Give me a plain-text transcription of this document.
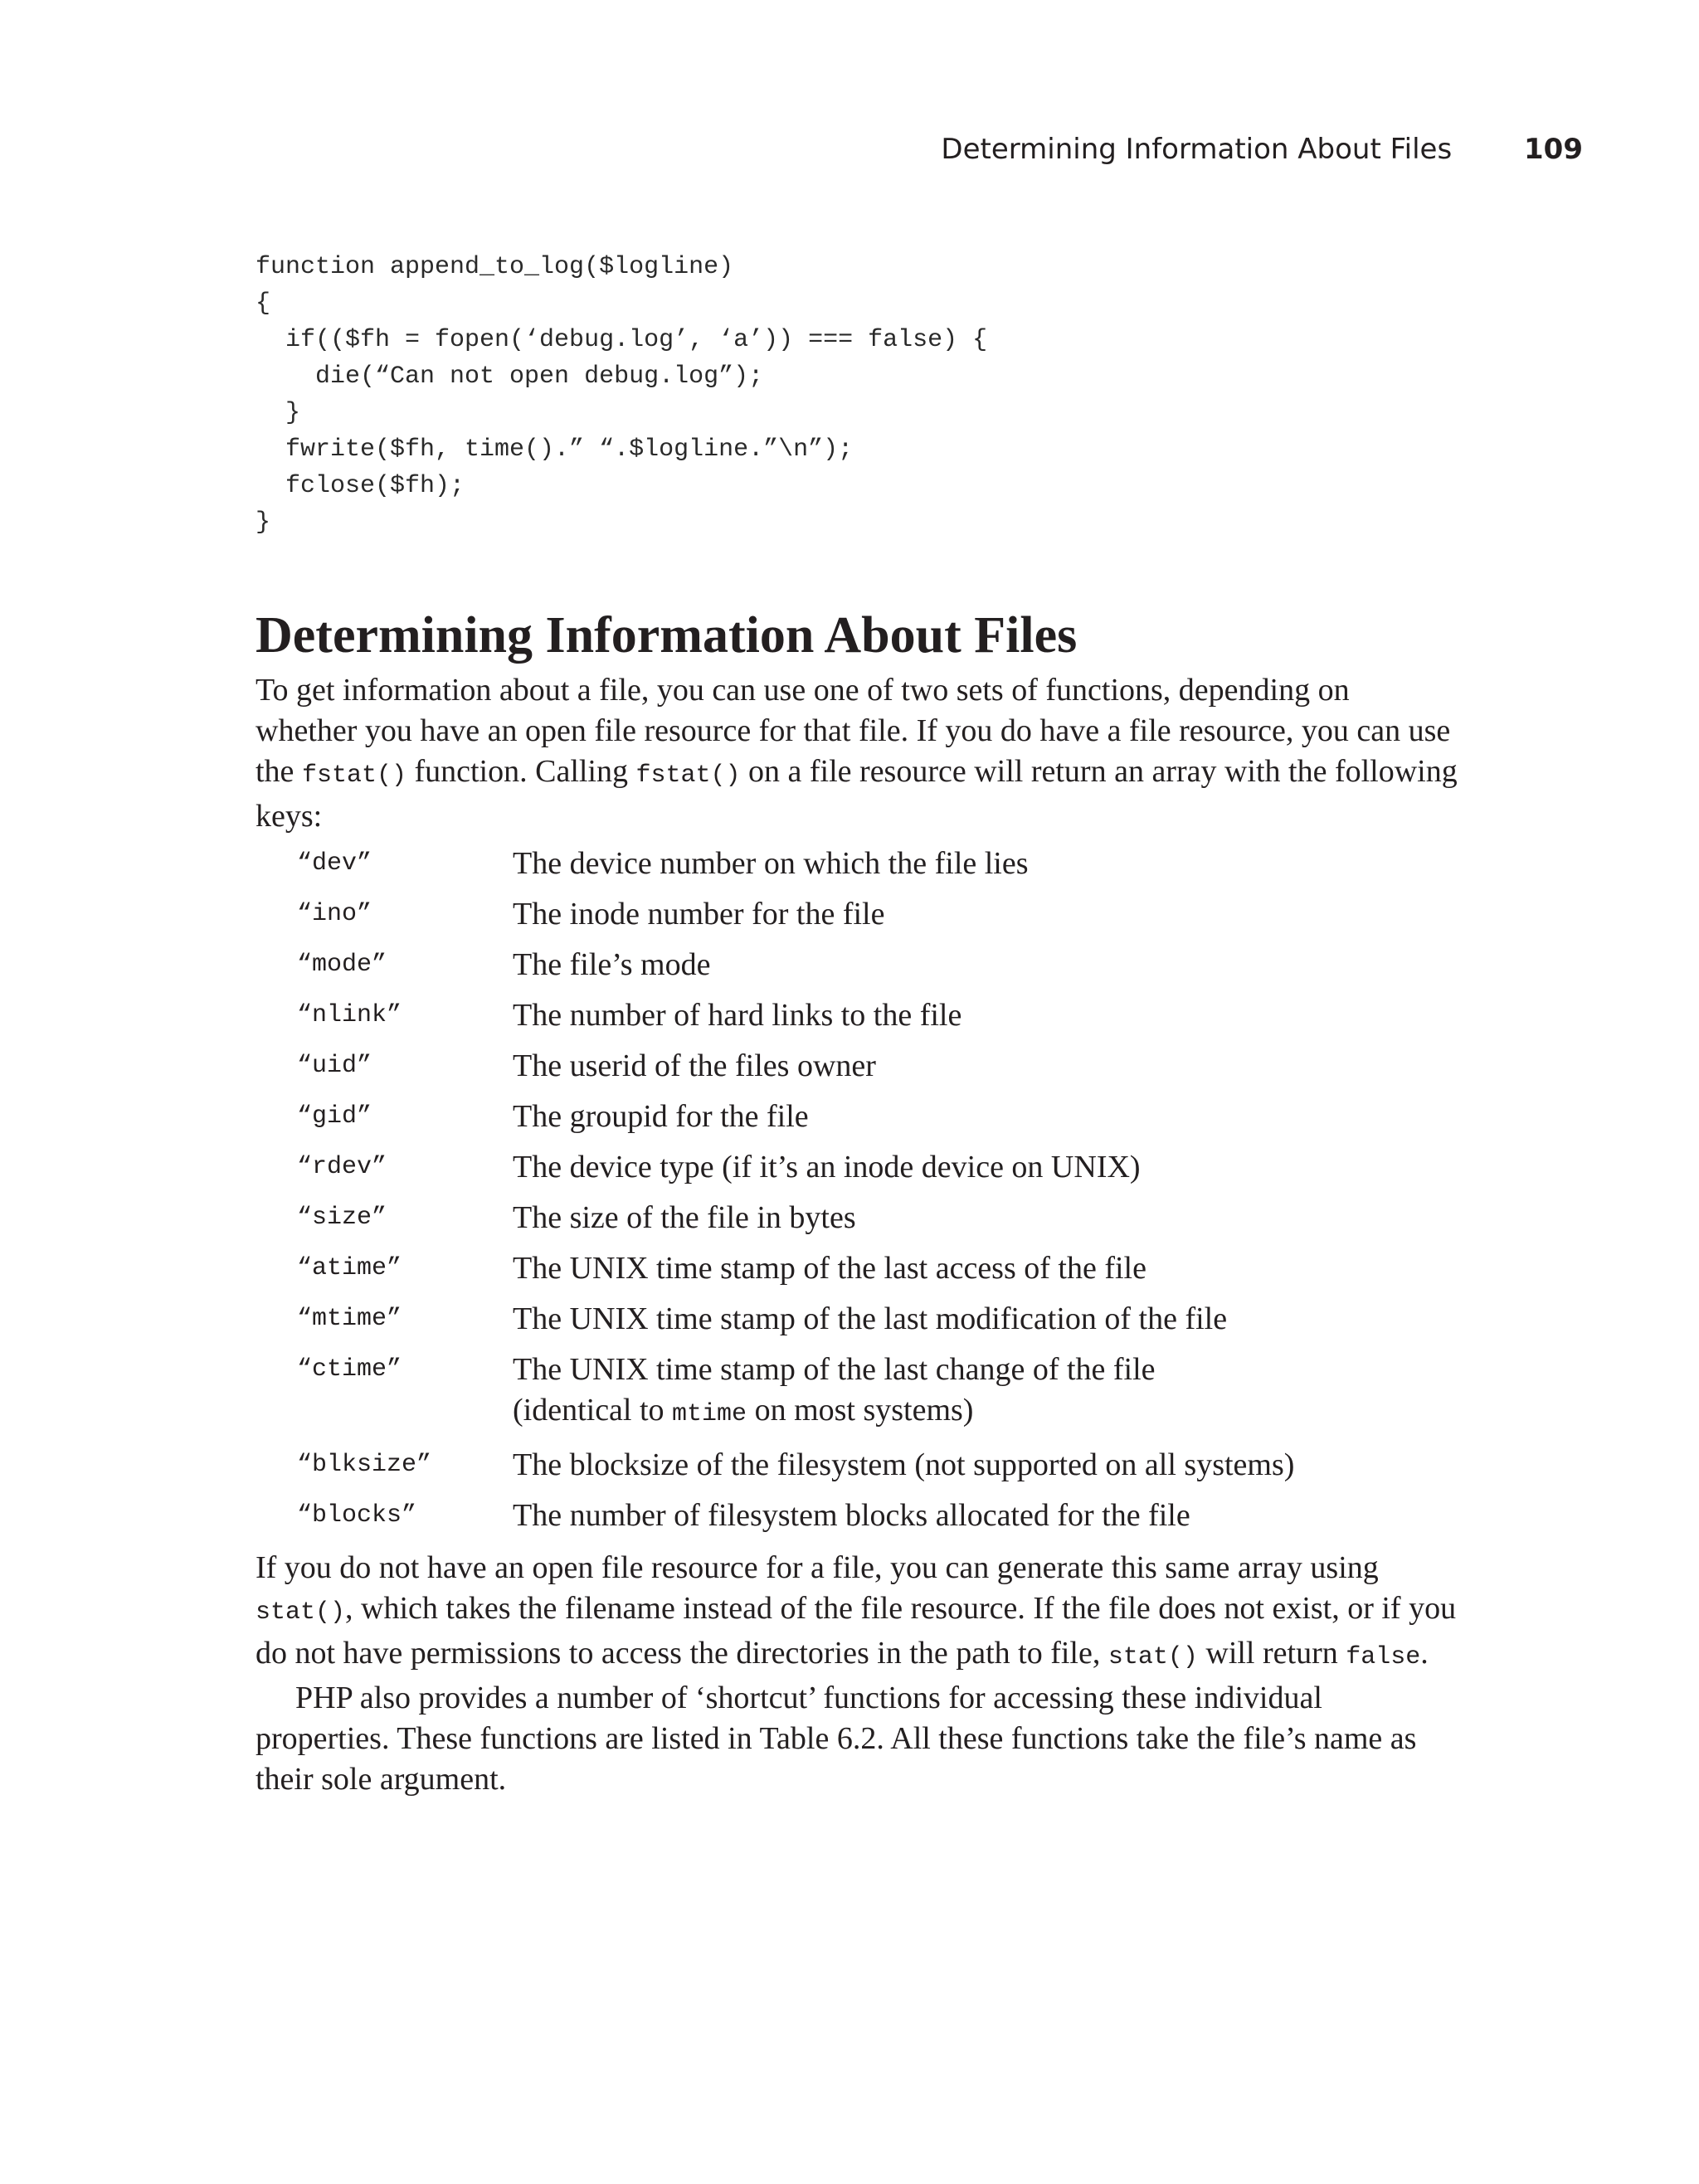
Determining Information About Files	109
function append_to_log($logline)
{
if(($fh = fopen(‘debug.log’, ‘a’)) === false) {
die(“Can not open debug.log”);
}
fwrite($fh, time().” “.$logline.”\n”);
fclose($fh);
}
Determining Information About Files

To get information about a file, you can use one of two sets of functions, depending on whether you have an open file resource for that file. If you do have a file resource, you can use the fstat() function. Calling fstat() on a file resource will return an array with the following keys:

“dev”	The device number on which the file lies
“ino”	The inode number for the file
“mode”	The file’s mode
“nlink”	The number of hard links to the file
“uid”	The userid of the files owner
“gid”	The groupid for the file
“rdev”	The device type (if it’s an inode device on UNIX)
“size”	The size of the file in bytes
“atime”	The UNIX time stamp of the last access of the file
“mtime”	The UNIX time stamp of the last modification of the file
“ctime”	The UNIX time stamp of the last change of the file
(identical to mtime on most systems)
“blksize”	The blocksize of the filesystem (not supported on all systems)
“blocks”	The number of filesystem blocks allocated for the file

If you do not have an open file resource for a file, you can generate this same array using stat(), which takes the filename instead of the file resource. If the file does not exist, or if you do not have permissions to access the directories in the path to file, stat() will return false.

PHP also provides a number of ‘shortcut’ functions for accessing these individual properties. These functions are listed in Table 6.2. All these functions take the file’s name as their sole argument.
